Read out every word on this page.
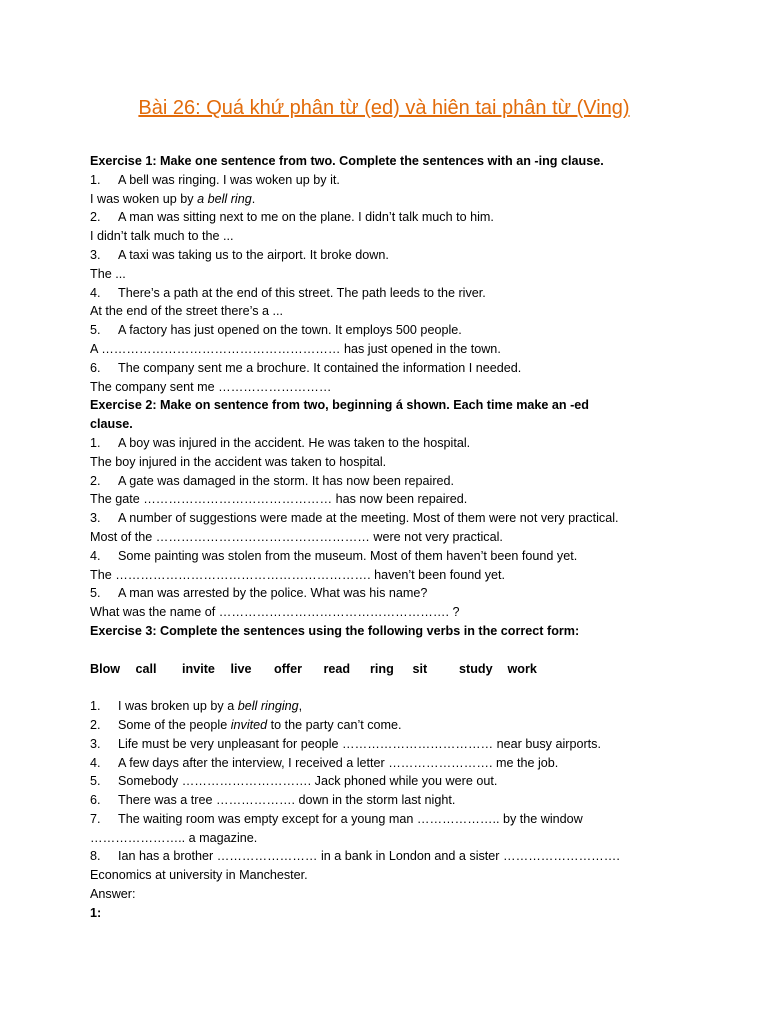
Bài 26: Quá khứ phân từ (ed) và hiên tai phân từ (Ving)
Exercise 1: Make one sentence from two. Complete the sentences with an -ing clause.
1. A bell was ringing. I was woken up by it.
I was woken up by a bell ring.
2. A man was sitting next to me on the plane. I didn’t talk much to him.
I didn’t talk much to the ...
3. A taxi was taking us to the airport. It broke down.
The ...
4. There’s a path at the end of this street. The path leeds to the river.
At the end of the street there’s a ...
5. A factory has just opened on the town. It employs 500 people.
A ………………………………………………… has just opened in the town.
6. The company sent me a brochure. It contained the information I needed.
The company sent me ………………………
Exercise 2: Make on sentence from two, beginning á shown. Each time make an -ed
clause.
1. A boy was injured in the accident. He was taken to the hospital.
The boy injured in the accident was taken to hospital.
2. A gate was damaged in the storm. It has now been repaired.
The gate ……………………………………… has now been repaired.
3. A number of suggestions were made at the meeting. Most of them were not very practical.
Most of the …………………………………………… were not very practical.
4. Some painting was stolen from the museum. Most of them haven’t been found yet.
The ……………………………………………………. haven’t been found yet.
5. A man was arrested by the police. What was his name?
What was the name of ………………………………………………. ?
Exercise 3: Complete the sentences using the following verbs in the correct form:
Blow call invite live offer read ring sit	study work
1. I was broken up by a bell ringing,
2. Some of the people invited to the party can’t come.
3. Life must be very unpleasant for people ……………………………… near busy airports.
4. A few days after the interview, I received a letter ……………………. me the job.
5. Somebody …………………………. Jack phoned while you were out.
6. There was a tree ………………. down in the storm last night.
7. The waiting room was empty except for a young man ……………….. by the window
………………….. a magazine.
8. Ian has a brother …………………… in a bank in London and a sister ……………………….
Economics at university in Manchester.
Answer:
1:
